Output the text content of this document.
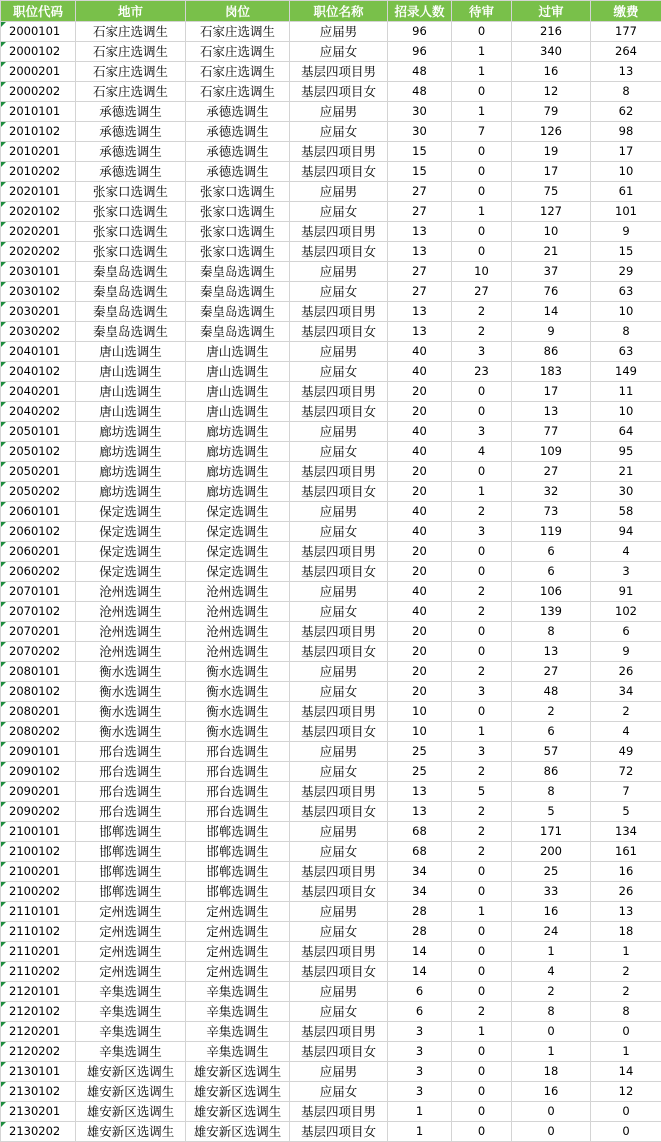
职位代码	地市	岗位	职位名称	招录人数	待审	过审	缴费
2000101	石家庄选调生	石家庄选调生	应届男	96	0	216	177
2000102	石家庄选调生	石家庄选调生	应届女	96	1	340	264
2000201	石家庄选调生	石家庄选调生	基层四项目男	48	1	16	13
2000202	石家庄选调生	石家庄选调生	基层四项目女	48	0	12	8
2010101	承德选调生	承德选调生	应届男	30	1	79	62
2010102	承德选调生	承德选调生	应届女	30	7	126	98
2010201	承德选调生	承德选调生	基层四项目男	15	0	19	17
2010202	承德选调生	承德选调生	基层四项目女	15	0	17	10
2020101	张家口选调生	张家口选调生	应届男	27	0	75	61
2020102	张家口选调生	张家口选调生	应届女	27	1	127	101
2020201	张家口选调生	张家口选调生	基层四项目男	13	0	10	9
2020202	张家口选调生	张家口选调生	基层四项目女	13	0	21	15
2030101	秦皇岛选调生	秦皇岛选调生	应届男	27	10	37	29
2030102	秦皇岛选调生	秦皇岛选调生	应届女	27	27	76	63
2030201	秦皇岛选调生	秦皇岛选调生	基层四项目男	13	2	14	10
2030202	秦皇岛选调生	秦皇岛选调生	基层四项目女	13	2	9	8
2040101	唐山选调生	唐山选调生	应届男	40	3	86	63
2040102	唐山选调生	唐山选调生	应届女	40	23	183	149
2040201	唐山选调生	唐山选调生	基层四项目男	20	0	17	11
2040202	唐山选调生	唐山选调生	基层四项目女	20	0	13	10
2050101	廊坊选调生	廊坊选调生	应届男	40	3	77	64
2050102	廊坊选调生	廊坊选调生	应届女	40	4	109	95
2050201	廊坊选调生	廊坊选调生	基层四项目男	20	0	27	21
2050202	廊坊选调生	廊坊选调生	基层四项目女	20	1	32	30
2060101	保定选调生	保定选调生	应届男	40	2	73	58
2060102	保定选调生	保定选调生	应届女	40	3	119	94
2060201	保定选调生	保定选调生	基层四项目男	20	0	6	4
2060202	保定选调生	保定选调生	基层四项目女	20	0	6	3
2070101	沧州选调生	沧州选调生	应届男	40	2	106	91
2070102	沧州选调生	沧州选调生	应届女	40	2	139	102
2070201	沧州选调生	沧州选调生	基层四项目男	20	0	8	6
2070202	沧州选调生	沧州选调生	基层四项目女	20	0	13	9
2080101	衡水选调生	衡水选调生	应届男	20	2	27	26
2080102	衡水选调生	衡水选调生	应届女	20	3	48	34
2080201	衡水选调生	衡水选调生	基层四项目男	10	0	2	2
2080202	衡水选调生	衡水选调生	基层四项目女	10	1	6	4
2090101	邢台选调生	邢台选调生	应届男	25	3	57	49
2090102	邢台选调生	邢台选调生	应届女	25	2	86	72
2090201	邢台选调生	邢台选调生	基层四项目男	13	5	8	7
2090202	邢台选调生	邢台选调生	基层四项目女	13	2	5	5
2100101	邯郸选调生	邯郸选调生	应届男	68	2	171	134
2100102	邯郸选调生	邯郸选调生	应届女	68	2	200	161
2100201	邯郸选调生	邯郸选调生	基层四项目男	34	0	25	16
2100202	邯郸选调生	邯郸选调生	基层四项目女	34	0	33	26
2110101	定州选调生	定州选调生	应届男	28	1	16	13
2110102	定州选调生	定州选调生	应届女	28	0	24	18
2110201	定州选调生	定州选调生	基层四项目男	14	0	1	1
2110202	定州选调生	定州选调生	基层四项目女	14	0	4	2
2120101	辛集选调生	辛集选调生	应届男	6	0	2	2
2120102	辛集选调生	辛集选调生	应届女	6	2	8	8
2120201	辛集选调生	辛集选调生	基层四项目男	3	1	0	0
2120202	辛集选调生	辛集选调生	基层四项目女	3	0	1	1
2130101	雄安新区选调生	雄安新区选调生	应届男	3	0	18	14
2130102	雄安新区选调生	雄安新区选调生	应届女	3	0	16	12
2130201	雄安新区选调生	雄安新区选调生	基层四项目男	1	0	0	0
2130202	雄安新区选调生	雄安新区选调生	基层四项目女	1	0	0	0
